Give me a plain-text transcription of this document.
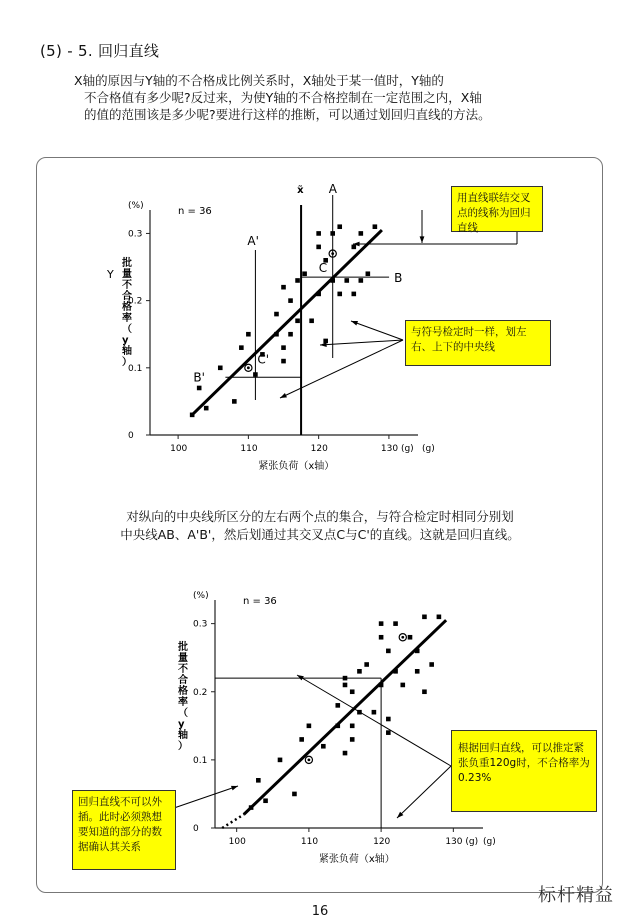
(5) - 5. 回归直线
X轴的原因与Y轴的不合格成比例关系时，X轴处于某一值时，Y轴的
不合格值有多少呢?反过来，为使Y轴的不合格控制在一定范围之内，X轴
的值的范围该是多少呢?要进行这样的推断，可以通过划回归直线的方法。
100	110	120	130 (g)
0
0.1
0.2
0.3
(%)	n = 36
批
量
不
合
格
率
（
y
轴
）
紧张负荷（x轴）
(g)
Y
x̃ A
A'
B
B'
C
C'
用直线联结交叉点的线称为回归直线
与符号检定时一样，划左右、上下的中央线
对纵向的中央线所区分的左右两个点的集合，与符合检定时相同分别划
中央线AB、A'B'，然后划通过其交叉点C与C'的直线。这就是回归直线。
100	110	120	130 (g)
0
0.1
0.2
0.3
(%)	n = 36
批
量
不
合
格
率
（
y
轴
）
紧张负荷（x轴）
(g)
根据回归直线，可以推定紧张负重120g时，不合格率为0.23%
回归直线不可以外插。此时必须熟想要知道的部分的数据确认其关系
16
标杆精益
